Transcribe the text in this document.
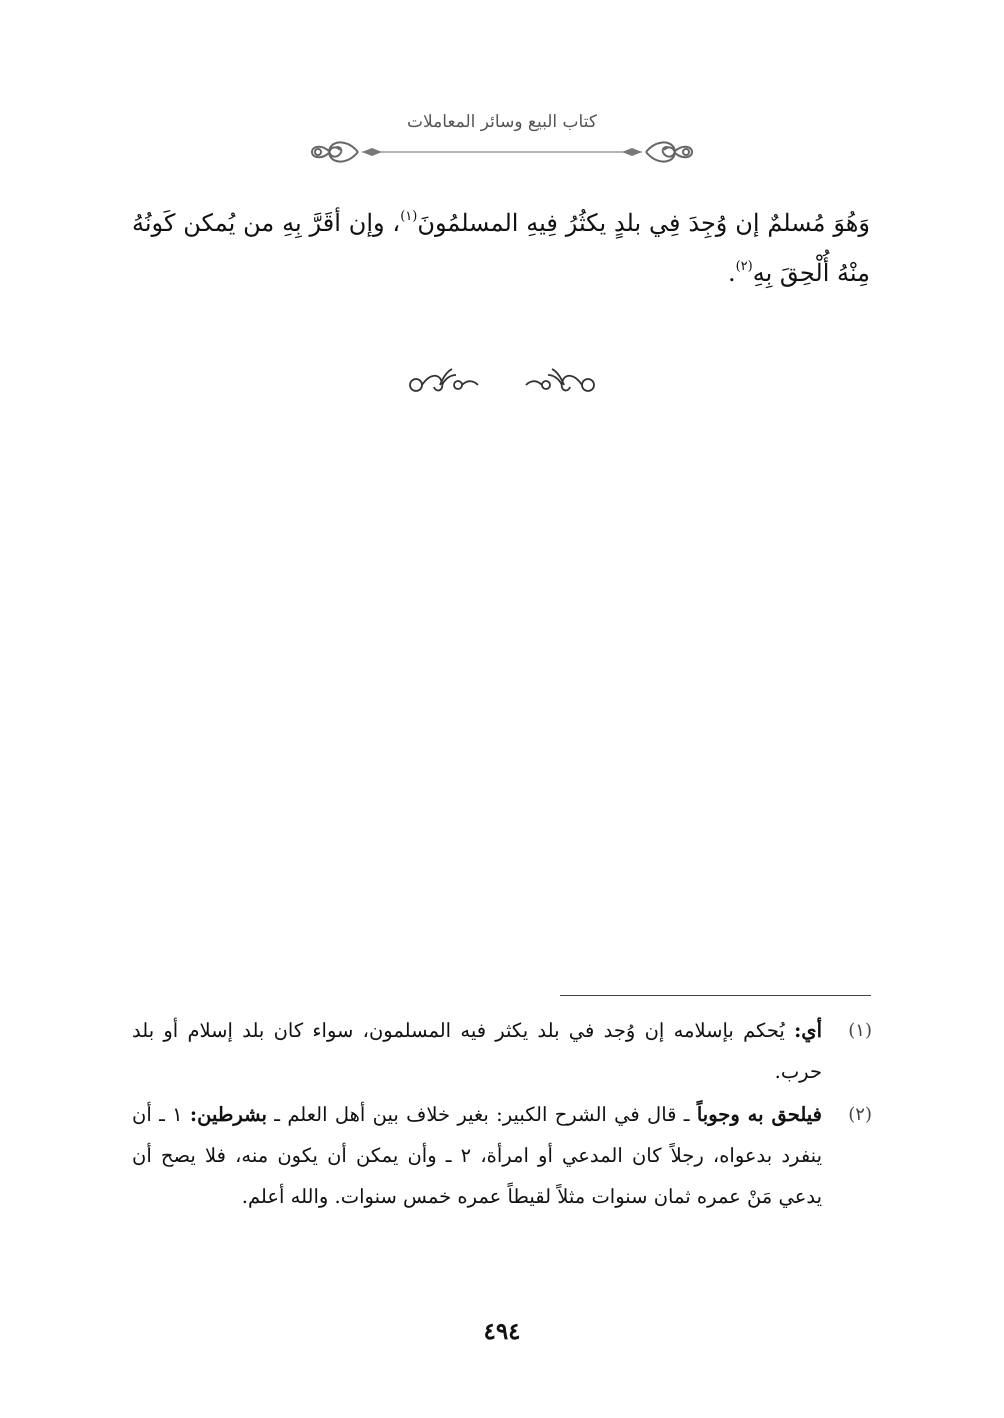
كتاب البيع وسائر المعاملات
وَهُوَ مُسلمٌ إن وُجِدَ فِي بلدٍ يكثُرُ فِيهِ المسلمُونَ$^{(١)}$، وإن أقَرَّ بِهِ من يُمكن كَونُهُ مِنْهُ أُلْحِقَ بِهِ$^{(٢)}$.
(١)
أي: يُحكم بإسلامه إن وُجد في بلد يكثر فيه المسلمون، سواء كان بلد إسلام أو بلد حرب.
(٢)
فيلحق به وجوباً ـ قال في الشرح الكبير: بغير خلاف بين أهل العلم ـ بشرطين: ١ ـ أن ينفرد بدعواه، رجلاً كان المدعي أو امرأة، ٢ ـ وأن يمكن أن يكون منه، فلا يصح أن يدعي مَنْ عمره ثمان سنوات مثلاً لقيطاً عمره خمس سنوات. والله أعلم.
٤٩٤
